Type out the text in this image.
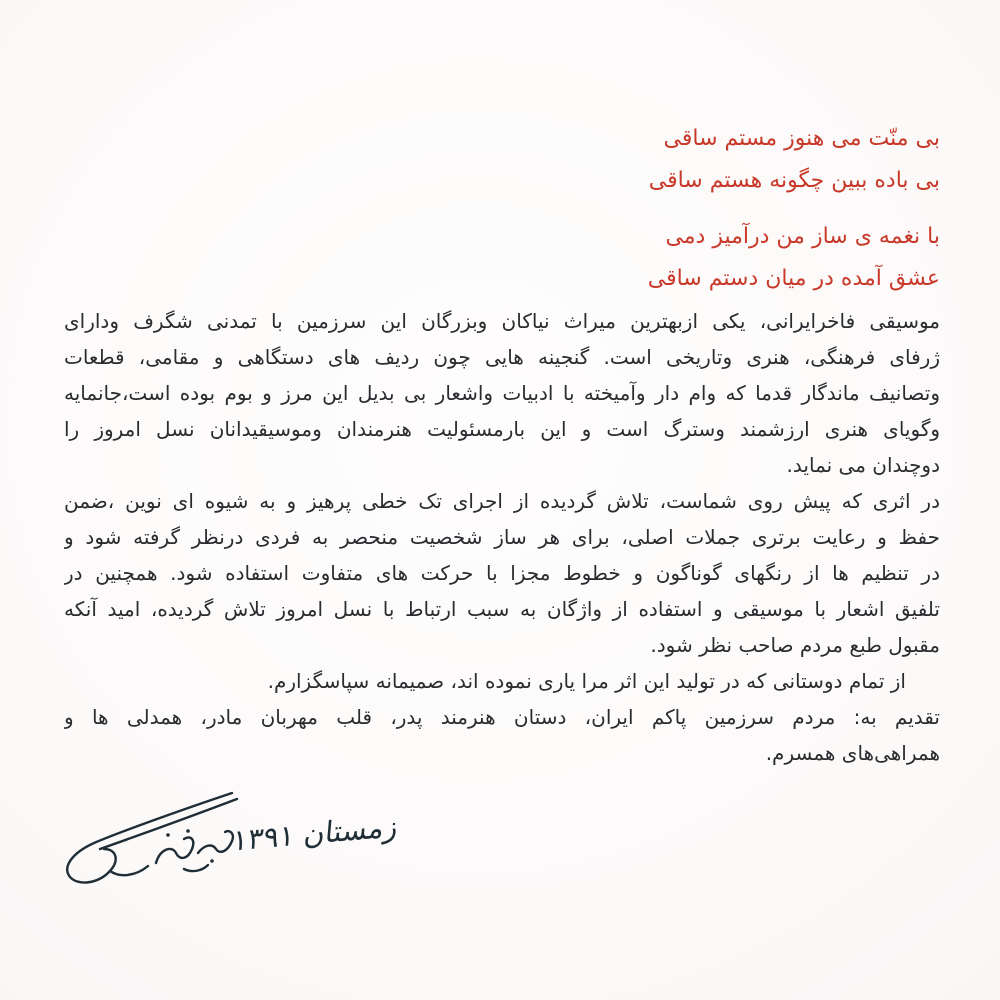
بی منّت می هنوز مستم ساقی
بی باده ببین چگونه هستم ساقی
با نغمه ی ساز من درآمیز دمی
عشق آمده در میان دستم ساقی
موسیقی فاخرایرانی، یکی ازبهترین میراث نیاکان وبزرگان این سرزمین با تمدنی شگرف ودارای
ژرفای فرهنگی، هنری وتاریخی است. گنجینه هایی چون ردیف های دستگاهی و مقامی، قطعات
وتصانیف ماندگار قدما که وام دار وآمیخته با ادبیات واشعار بی بدیل این مرز و بوم بوده است،جانمایه
وگویای هنری ارزشمند وسترگ است و این بارمسئولیت هنرمندان وموسیقیدانان نسل امروز را
دوچندان می نماید.
در اثری که پیش روی شماست، تلاش گردیده از اجرای تک خطی پرهیز و به شیوه ای نوین ،ضمن
حفظ و رعایت برتری جملات اصلی، برای هر ساز شخصیت منحصر به فردی درنظر گرفته شود و
در تنظیم ها از رنگهای گوناگون و خطوط مجزا با حرکت های متفاوت استفاده شود. همچنین در
تلفیق اشعار با موسیقی و استفاده از واژگان به سبب ارتباط با نسل امروز تلاش گردیده، امید آنکه
مقبول طبع مردم صاحب نظر شود.
از تمام دوستانی که در تولید این اثر مرا یاری نموده اند، صمیمانه سپاسگزارم.
تقدیم به: مردم سرزمین پاکم ایران، دستان هنرمند پدر، قلب مهربان مادر، همدلی ها و
همراهی‌های همسرم.
زمستان ۱۳۹۱
